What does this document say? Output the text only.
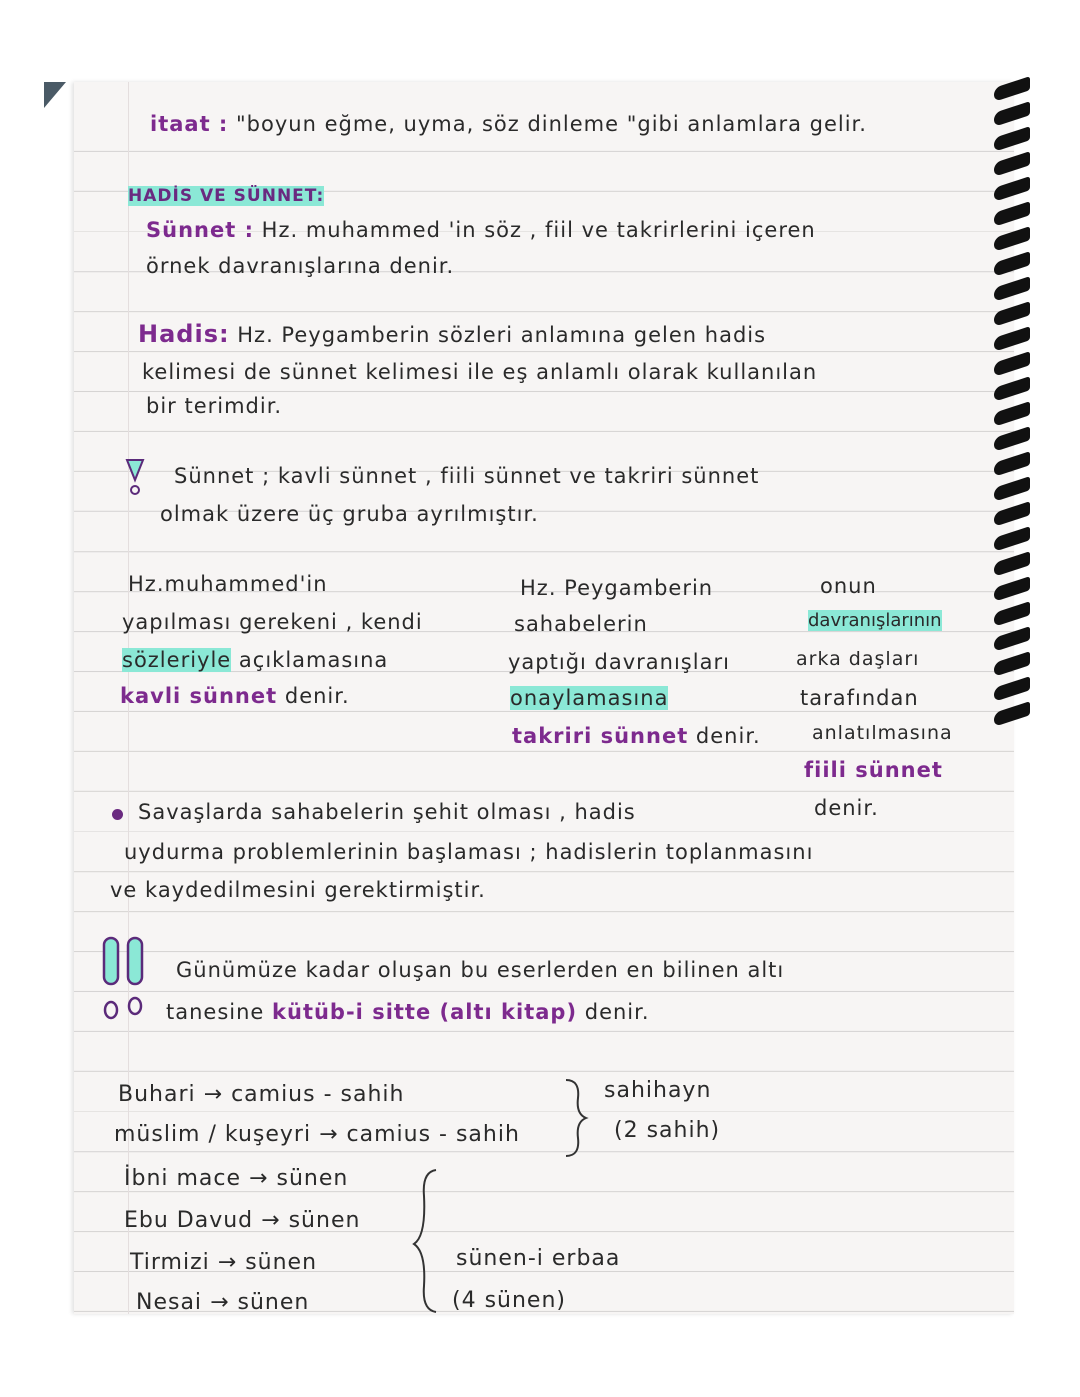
itaat : "boyun eğme, uyma, söz dinleme "gibi anlamlara gelir.
HADİS VE SÜNNET:
Sünnet : Hz. muhammed 'in söz , fiil ve takrirlerini içeren
örnek davranışlarına denir.
Hadis: Hz. Peygamberin sözleri anlamına gelen hadis
kelimesi de sünnet kelimesi ile eş anlamlı olarak kullanılan
bir terimdir.
Sünnet ; kavli sünnet , fiili sünnet ve takriri sünnet
olmak üzere üç gruba ayrılmıştır.
Hz.muhammed'in
yapılması gerekeni , kendi
sözleriyle açıklamasına
kavli sünnet denir.
Hz. Peygamberin
sahabelerin
yaptığı davranışları
onaylamasına
takriri sünnet denir.
onun
davranışlarının
arka daşları
tarafından
anlatılmasına
fiili sünnet
denir.
Savaşlarda sahabelerin şehit olması , hadis
uydurma problemlerinin başlaması ; hadislerin toplanmasını
ve kaydedilmesini gerektirmiştir.
Günümüze kadar oluşan bu eserlerden en bilinen altı
tanesine kütüb-i sitte (altı kitap) denir.
Buhari → camius - sahih
müslim / kuşeyri → camius - sahih
İbni mace → sünen
Ebu Davud → sünen
Tirmizi → sünen
Nesai → sünen
sahihayn
(2 sahih)
sünen-i erbaa
(4 sünen)
